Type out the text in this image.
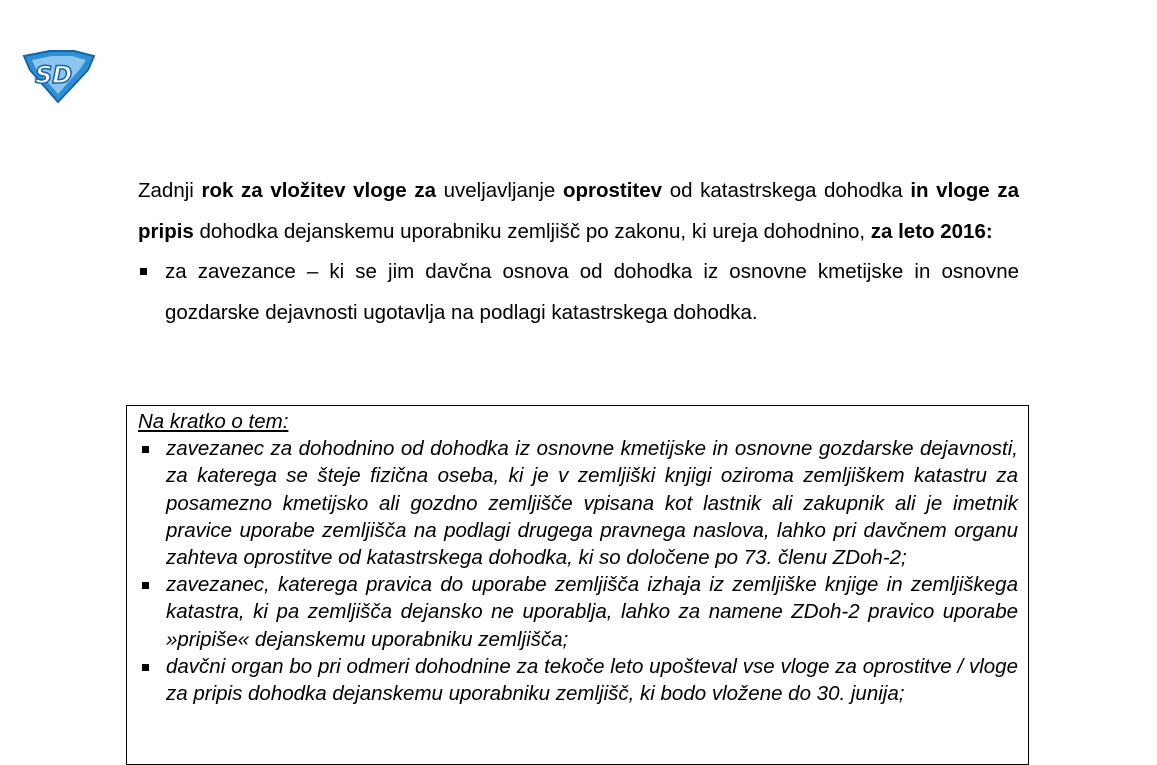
SD

Zadnji rok za vložitev vloge za uveljavljanje oprostitev od katastrskega dohodka in vloge za pripis dohodka dejanskemu uporabniku zemljišč po zakonu, ki ureja dohodnino, za leto 2016:

za zavezance – ki se jim davčna osnova od dohodka iz osnovne kmetijske in osnovne gozdarske dejavnosti ugotavlja na podlagi katastrskega dohodka.

Na kratko o tem:

zavezanec za dohodnino od dohodka iz osnovne kmetijske in osnovne gozdarske dejavnosti, za katerega se šteje fizična oseba, ki je v zemljiški knjigi oziroma zemljiškem katastru za posamezno kmetijsko ali gozdno zemljišče vpisana kot lastnik ali zakupnik ali je imetnik pravice uporabe zemljišča na podlagi drugega pravnega naslova, lahko pri davčnem organu zahteva oprostitve od katastrskega dohodka, ki so določene po 73. členu ZDoh-2;
zavezanec, katerega pravica do uporabe zemljišča izhaja iz zemljiške knjige in zemljiškega katastra, ki pa zemljišča dejansko ne uporablja, lahko za namene ZDoh-2 pravico uporabe »pripiše« dejanskemu uporabniku zemljišča;
davčni organ bo pri odmeri dohodnine za tekoče leto upošteval vse vloge za oprostitve / vloge za pripis dohodka dejanskemu uporabniku zemljišč, ki bodo vložene do 30. junija;
